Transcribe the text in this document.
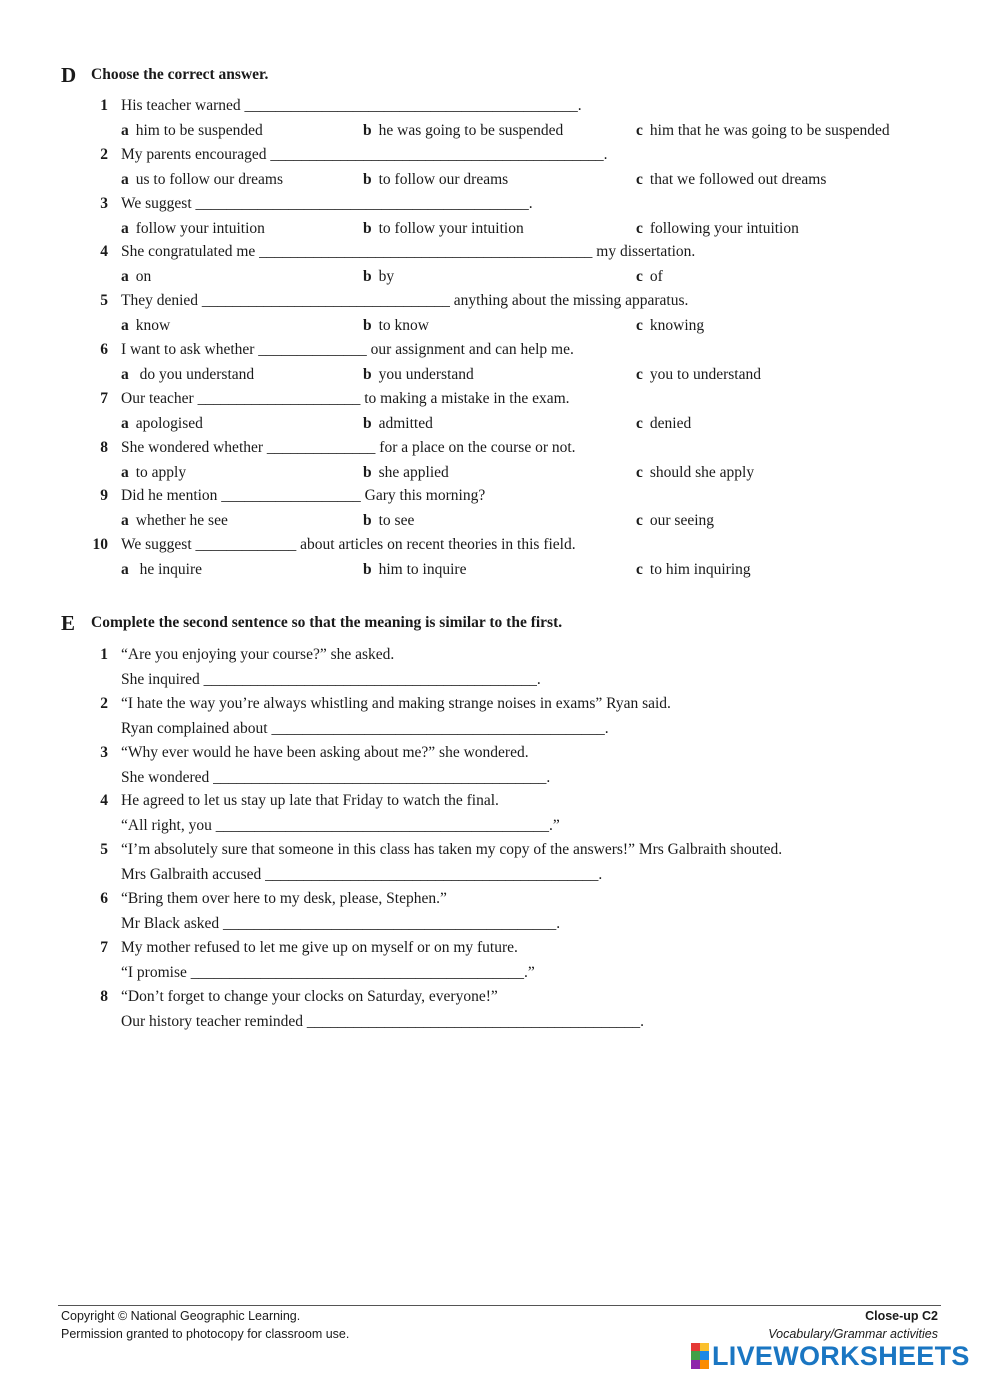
D Choose the correct answer.
1 His teacher warned ___________________________________________.
a him to be suspended	b he was going to be suspended	c him that he was going to be suspended
2 My parents encouraged ___________________________________________.
a us to follow our dreams	b to follow our dreams	c that we followed out dreams
3 We suggest ___________________________________________.
a follow your intuition	b to follow your intuition	c following your intuition
4 She congratulated me ___________________________________________ my dissertation.
a on	b by	c of
5 They denied ________________________________ anything about the missing apparatus.
a know	b to know	c knowing
6 I want to ask whether ______________ our assignment and can help me.
a do you understand	b you understand	c you to understand
7 Our teacher _____________________ to making a mistake in the exam.
a apologised	b admitted	c denied
8 She wondered whether ______________ for a place on the course or not.
a to apply	b she applied	c should she apply
9 Did he mention __________________ Gary this morning?
a whether he see	b to see	c our seeing
10 We suggest _____________ about articles on recent theories in this field.
a he inquire	b him to inquire	c to him inquiring
E Complete the second sentence so that the meaning is similar to the first.
1 “Are you enjoying your course?” she asked.
She inquired ___________________________________________.
2 “I hate the way you’re always whistling and making strange noises in exams” Ryan said.
Ryan complained about ___________________________________________.
3 “Why ever would he have been asking about me?” she wondered.
She wondered ___________________________________________.
4 He agreed to let us stay up late that Friday to watch the final.
“All right, you ___________________________________________.”
5 “I’m absolutely sure that someone in this class has taken my copy of the answers!” Mrs Galbraith shouted.
Mrs Galbraith accused ___________________________________________.
6 “Bring them over here to my desk, please, Stephen.”
Mr Black asked ___________________________________________.
7 My mother refused to let me give up on myself or on my future.
“I promise ___________________________________________.”
8 “Don’t forget to change your clocks on Saturday, everyone!”
Our history teacher reminded ___________________________________________.
Copyright © National Geographic Learning.
Permission granted to photocopy for classroom use.
Close-up C2
Vocabulary/Grammar activities
LIVEWORKSHEETS
